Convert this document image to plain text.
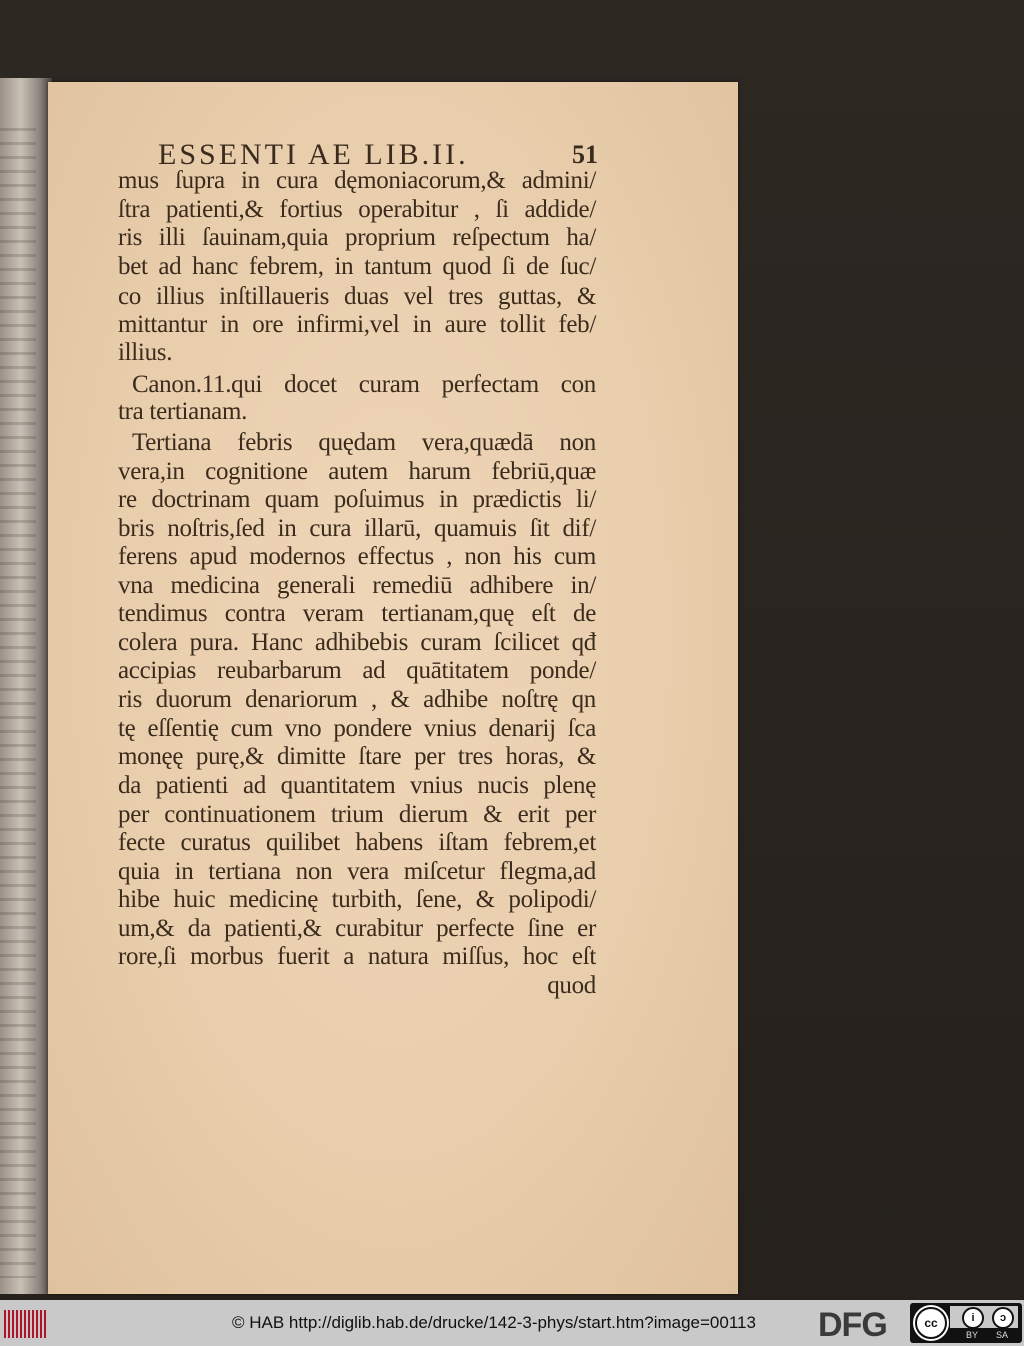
ESSENTI AE LIB.II.	51
mus ſupra in cura dęmoniacorum,& admini/
ſtra patienti,& fortius operabitur , ſi addide/
ris illi ſauinam,quia proprium reſpectum ha/
bet ad hanc febrem, in tantum quod ſi de ſuc/
co illius inſtillaueris duas vel tres guttas, &
mittantur in ore infirmi,vel in aure tollit feb/
illius.
Canon.11.qui docet curam perfectam con
tra tertianam.
Tertiana febris quędam vera,quædā non
vera,in cognitione autem harum febriū,quæ
re doctrinam quam poſuimus in prædictis li/
bris noſtris,ſed in cura illarū, quamuis ſit dif/
ferens apud modernos effectus , non his cum
vna medicina generali remediū adhibere in/
tendimus contra veram tertianam,quę eſt de
colera pura. Hanc adhibebis curam ſcilicet qđ
accipias reubarbarum ad quātitatem ponde/
ris duorum denariorum , & adhibe noſtrę qn
tę eſſentię cum vno pondere vnius denarij ſca
monęę purę,& dimitte ſtare per tres horas, &
da patienti ad quantitatem vnius nucis plenę
per continuationem trium dierum & erit per
fecte curatus quilibet habens iſtam febrem,et
quia in tertiana non vera miſcetur flegma,ad
hibe huic medicinę turbith, ſene, & polipodi/
um,& da patienti,& curabitur perfecte ſine er
rore,ſi morbus fuerit a natura miſſus, hoc eſt
quod
© HAB http://diglib.hab.de/drucke/142-3-phys/start.htm?image=00113 DFG	cc	i	ↄ
BY SA
